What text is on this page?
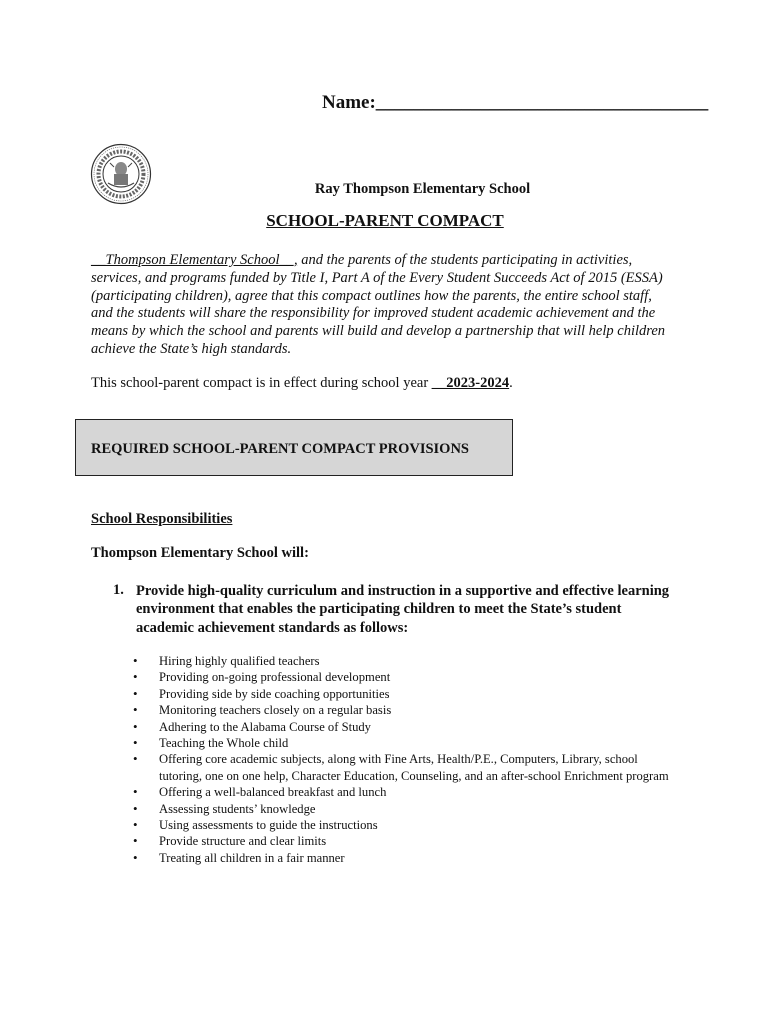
Name:___________________________________
Ray Thompson Elementary School
SCHOOL-PARENT COMPACT
__Thompson Elementary School__, and the parents of the students participating in activities, services, and programs funded by Title I, Part A of the Every Student Succeeds Act of 2015 (ESSA) (participating children), agree that this compact outlines how the parents, the entire school staff, and the students will share the responsibility for improved student academic achievement and the means by which the school and parents will build and develop a partnership that will help children achieve the State’s high standards.
This school-parent compact is in effect during school year __2023-2024.
REQUIRED SCHOOL-PARENT COMPACT PROVISIONS
School Responsibilities
Thompson Elementary School will:
1. Provide high-quality curriculum and instruction in a supportive and effective learning environment that enables the participating children to meet the State’s student academic achievement standards as follows:
• Hiring highly qualified teachers
• Providing on-going professional development
• Providing side by side coaching opportunities
• Monitoring teachers closely on a regular basis
• Adhering to the Alabama Course of Study
• Teaching the Whole child
• Offering core academic subjects, along with Fine Arts, Health/P.E., Computers, Library, school tutoring, one on one help, Character Education, Counseling, and an after-school Enrichment program
• Offering a well-balanced breakfast and lunch
• Assessing students’ knowledge
• Using assessments to guide the instructions
• Provide structure and clear limits
• Treating all children in a fair manner
